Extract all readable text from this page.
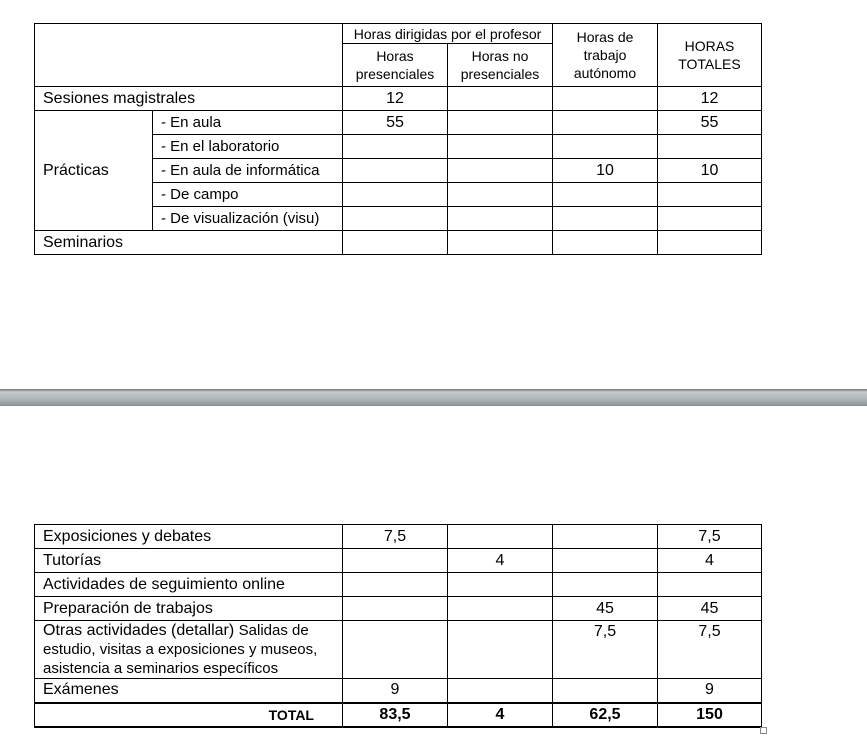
		Horas dirigidas por el profesor		Horas de trabajo autónomo	HORAS TOTALES
		Horas presenciales	Horas no presenciales		
Sesiones magistrales		12			12
Prácticas	- En aula	55			55
	- En el laboratorio				
	- En aula de informática			10	10
	- De campo				
	- De visualización (visu)				
Seminarios					
Exposiciones y debates	7,5			7,5
Tutorías		4		4
Actividades de seguimiento online				
Preparación de trabajos			45	45
Otras actividades (detallar) Salidas de estudio, visitas a exposiciones y museos, asistencia a seminarios específicos			7,5	7,5
Exámenes	9			9
TOTAL	83,5	4	62,5	150
